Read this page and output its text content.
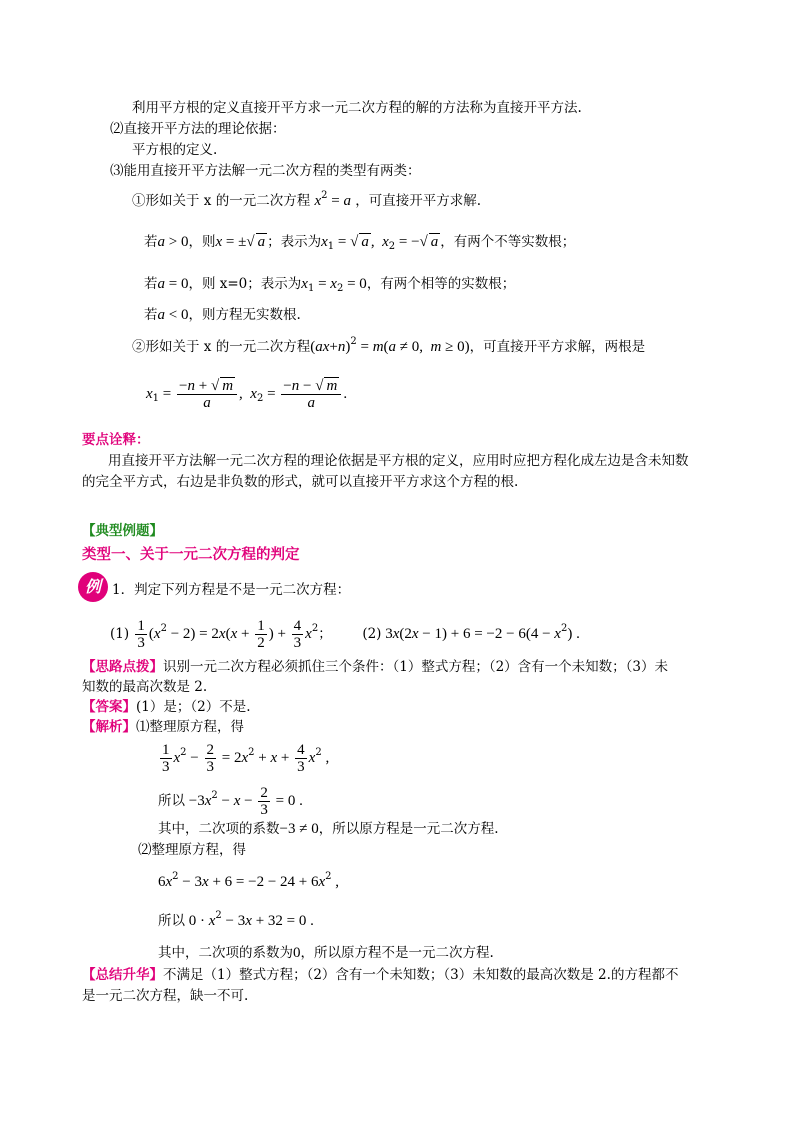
利用平方根的定义直接开平方求一元二次方程的解的方法称为直接开平方法.
⑵直接开平方法的理论依据：
平方根的定义.
⑶能用直接开平方法解一元二次方程的类型有两类：
①形如关于 x 的一元二次方程 $x^2 = a$ ，可直接开平方求解.
若a > 0，则x = ±√ a ；表示为$x_1$ = √ a ,  $x_2$ = −√ a ，有两个不等实数根；
若a = 0，则 x=0；表示为$x_1 = x_2 = 0$，有两个相等的实数根；
若a < 0，则方程无实数根.
②形如关于 x 的一元二次方程$(ax+n)^2 = m(a \ne 0$,  m ≥ 0)，可直接开平方求解，两根是
$x_1 = \frac{-n + √ m}{a}$ ,  $x_2 = \frac{-n - √ m}{a}$ .
要点诠释：
用直接开平方法解一元二次方程的理论依据是平方根的定义，应用时应把方程化成左边是含未知数
的完全平方式，右边是非负数的形式，就可以直接开平方求这个方程的根.
【典型例题】
类型一、关于一元二次方程的判定
例 1．判定下列方程是不是一元二次方程：
$(1) \frac{1}{3} (x^2 - 2) = 2x(x + \frac{1}{2}$ ) + $\frac{4}{3} x^2$； (2) $3x(2x - 1) + 6 = -2 - 6(4 - x^2)$ .
【思路点拨】识别一元二次方程必须抓住三个条件：（1）整式方程；（2）含有一个未知数；（3）未
知数的最高次数是 2.
【答案】(1）是；（2）不是.
【解析】⑴整理原方程，得
$\frac{1}{3} x^2 - \frac{2}{3} = 2x^2 + x + \frac{4}{3} x^2$ ,
所以 $-3x^2 - x - \frac{2}{3} = 0$ .
其中，二次项的系数−3 ≠ 0，所以原方程是一元二次方程.
⑵整理原方程，得
$6x^2 - 3x + 6 = -2 - 24 + 6x^2$ ,
所以 $0 \cdot x^2 - 3x + 32 = 0$ .
其中，二次项的系数为0，所以原方程不是一元二次方程.
【总结升华】不满足（1）整式方程；（2）含有一个未知数；（3）未知数的最高次数是 2.的方程都不
是一元二次方程，缺一不可.
